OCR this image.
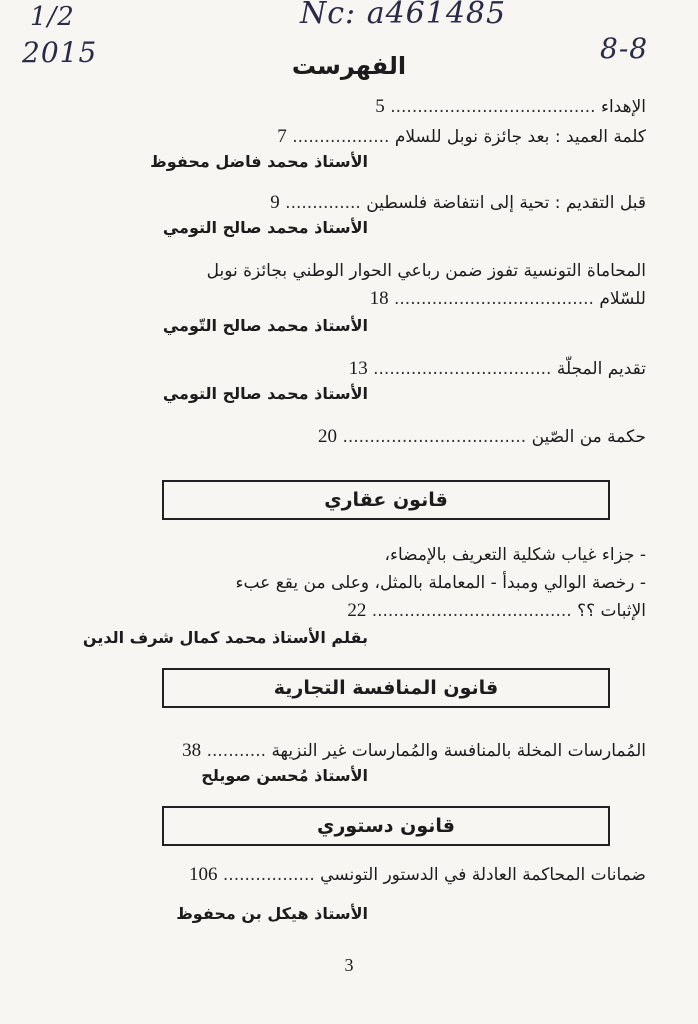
1/2	Nc: a461485
2015	8-8
الفهرست
الإهداء ...................................... 5
كلمة العميد : بعد جائزة نوبل للسلام .................. 7
الأستاذ محمد فاضل محفوظ
قبل التقديم : تحية إلى انتفاضة فلسطين .............. 9
الأستاذ محمد صالح التومي
المحاماة التونسية تفوز ضمن رباعي الحوار الوطني بجائزة نوبل
للسّلام ..................................... 18
الأستاذ محمد صالح التّومي
تقديم المجلّة ................................. 13
الأستاذ محمد صالح التومي
حكمة من الصّين .................................. 20
قانون عقاري
- جزاء غياب شكلية التعريف بالإمضاء،
- رخصة الوالي ومبدأ - المعاملة بالمثل، وعلى من يقع عبء
الإثبات ؟؟ ..................................... 22
بقلم الأستاذ محمد كمال شرف الدين
قانون المنافسة التجارية
المُمارسات المخلة بالمنافسة والمُمارسات غير النزيهة ........... 38
الأستاذ مُحسن صويلح
قانون دستوري
ضمانات المحاكمة العادلة في الدستور التونسي ................. 106
الأستاذ هيكل بن محفوظ
3
